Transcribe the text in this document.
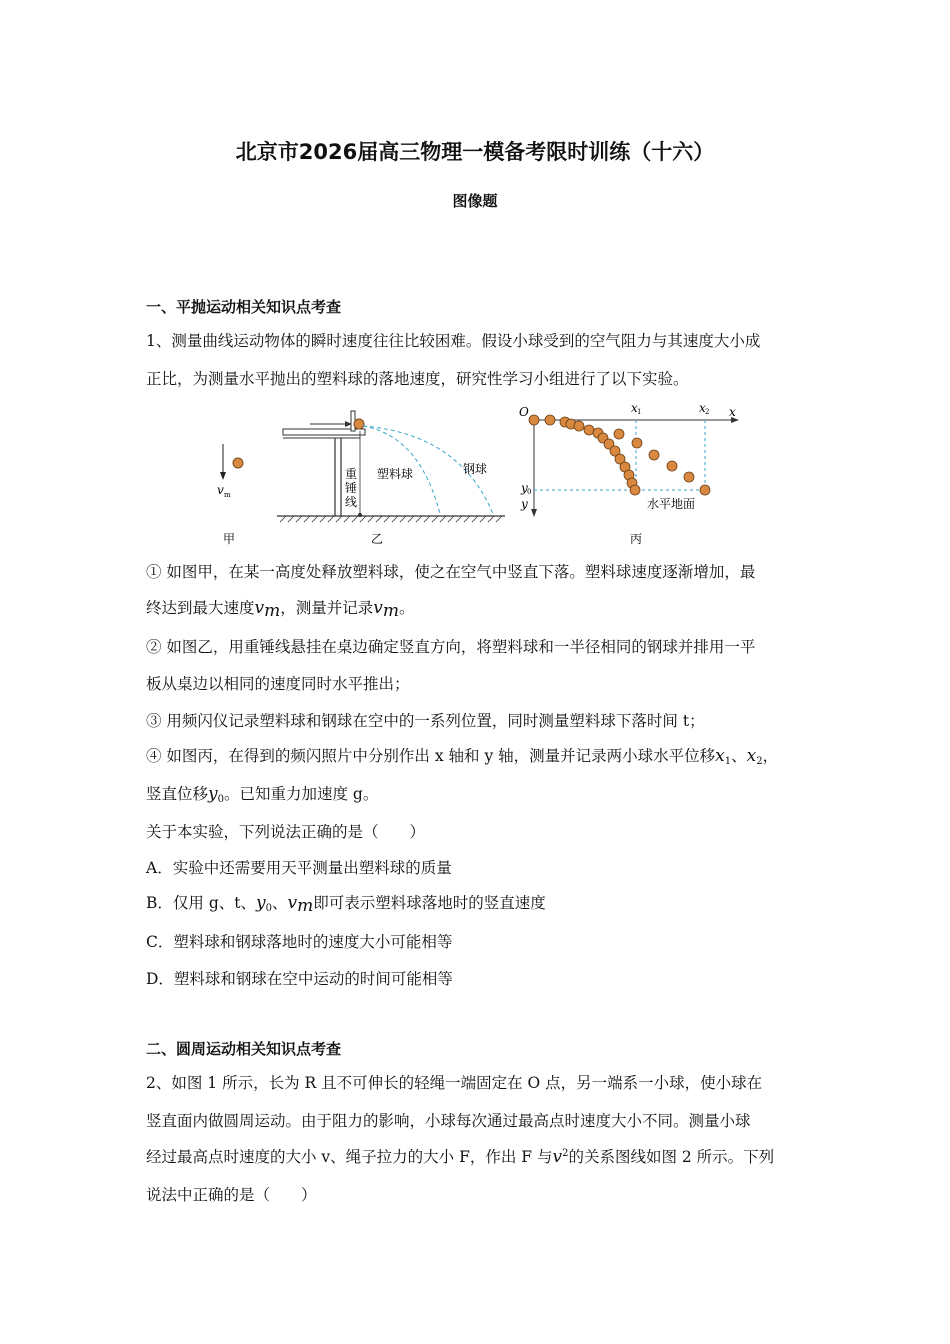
北京市2026届高三物理一模备考限时训练（十六）
图像题
一、平抛运动相关知识点考查
1、测量曲线运动物体的瞬时速度往往比较困难。假设小球受到的空气阻力与其速度大小成
正比，为测量水平抛出的塑料球的落地速度，研究性学习小组进行了以下实验。
v m
甲
重
锤
线
塑料球	钢球
乙
O	x
y
x 1	x 2
y 0
水平地面
丙
① 如图甲，在某一高度处释放塑料球，使之在空气中竖直下落。塑料球速度逐渐增加，最
终达到最大速度$v_m$，测量并记录$v_m$。
② 如图乙，用重锤线悬挂在桌边确定竖直方向，将塑料球和一半径相同的钢球并排用一平
板从桌边以相同的速度同时水平推出；
③ 用频闪仪记录塑料球和钢球在空中的一系列位置，同时测量塑料球下落时间 t；
④ 如图丙，在得到的频闪照片中分别作出 x 轴和 y 轴，测量并记录两小球水平位移$x_1$、$x_2$，
竖直位移$y_0$。已知重力加速度 g。
关于本实验，下列说法正确的是（　　）
A．实验中还需要用天平测量出塑料球的质量
B．仅用 g、t、$y_0$、$v_m$即可表示塑料球落地时的竖直速度
C．塑料球和钢球落地时的速度大小可能相等
D．塑料球和钢球在空中运动的时间可能相等
二、圆周运动相关知识点考查
2、如图 1 所示，长为 R 且不可伸长的轻绳一端固定在 O 点，另一端系一小球，使小球在
竖直面内做圆周运动。由于阻力的影响，小球每次通过最高点时速度大小不同。测量小球
经过最高点时速度的大小 v、绳子拉力的大小 F，作出 F 与$v^2$的关系图线如图 2 所示。下列
说法中正确的是（　　）
